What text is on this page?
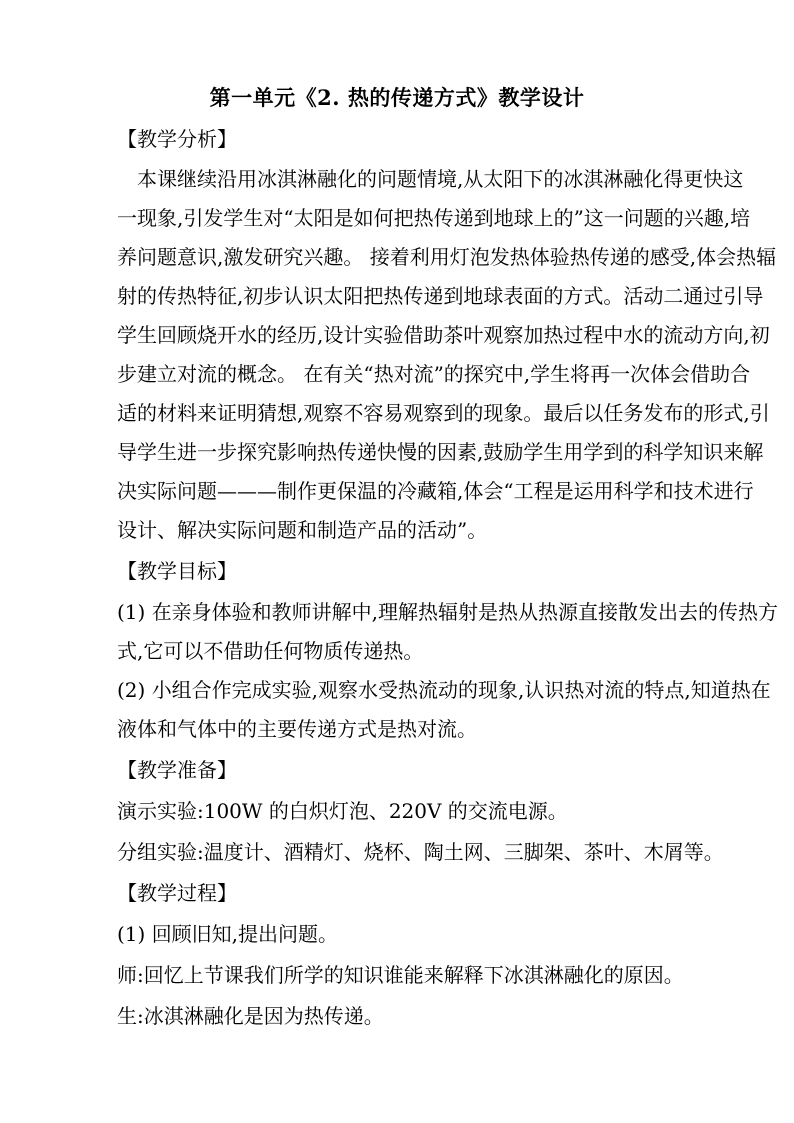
第一单元《2. 热的传递方式》教学设计
【教学分析】
本课继续沿用冰淇淋融化的问题情境,从太阳下的冰淇淋融化得更快这
一现象,引发学生对“太阳是如何把热传递到地球上的”这一问题的兴趣,培
养问题意识,激发研究兴趣。 接着利用灯泡发热体验热传递的感受,体会热辐
射的传热特征,初步认识太阳把热传递到地球表面的方式。活动二通过引导
学生回顾烧开水的经历,设计实验借助茶叶观察加热过程中水的流动方向,初
步建立对流的概念。 在有关“热对流”的探究中,学生将再一次体会借助合
适的材料来证明猜想,观察不容易观察到的现象。最后以任务发布的形式,引
导学生进一步探究影响热传递快慢的因素,鼓励学生用学到的科学知识来解
决实际问题———制作更保温的冷藏箱,体会“工程是运用科学和技术进行
设计、解决实际问题和制造产品的活动”。
【教学目标】
(1) 在亲身体验和教师讲解中,理解热辐射是热从热源直接散发出去的传热方
式,它可以不借助任何物质传递热。
(2) 小组合作完成实验,观察水受热流动的现象,认识热对流的特点,知道热在
液体和气体中的主要传递方式是热对流。
【教学准备】
演示实验:100W 的白炽灯泡、220V 的交流电源。
分组实验:温度计、酒精灯、烧杯、陶土网、三脚架、茶叶、木屑等。
【教学过程】
(1) 回顾旧知,提出问题。
师:回忆上节课我们所学的知识谁能来解释下冰淇淋融化的原因。
生:冰淇淋融化是因为热传递。
